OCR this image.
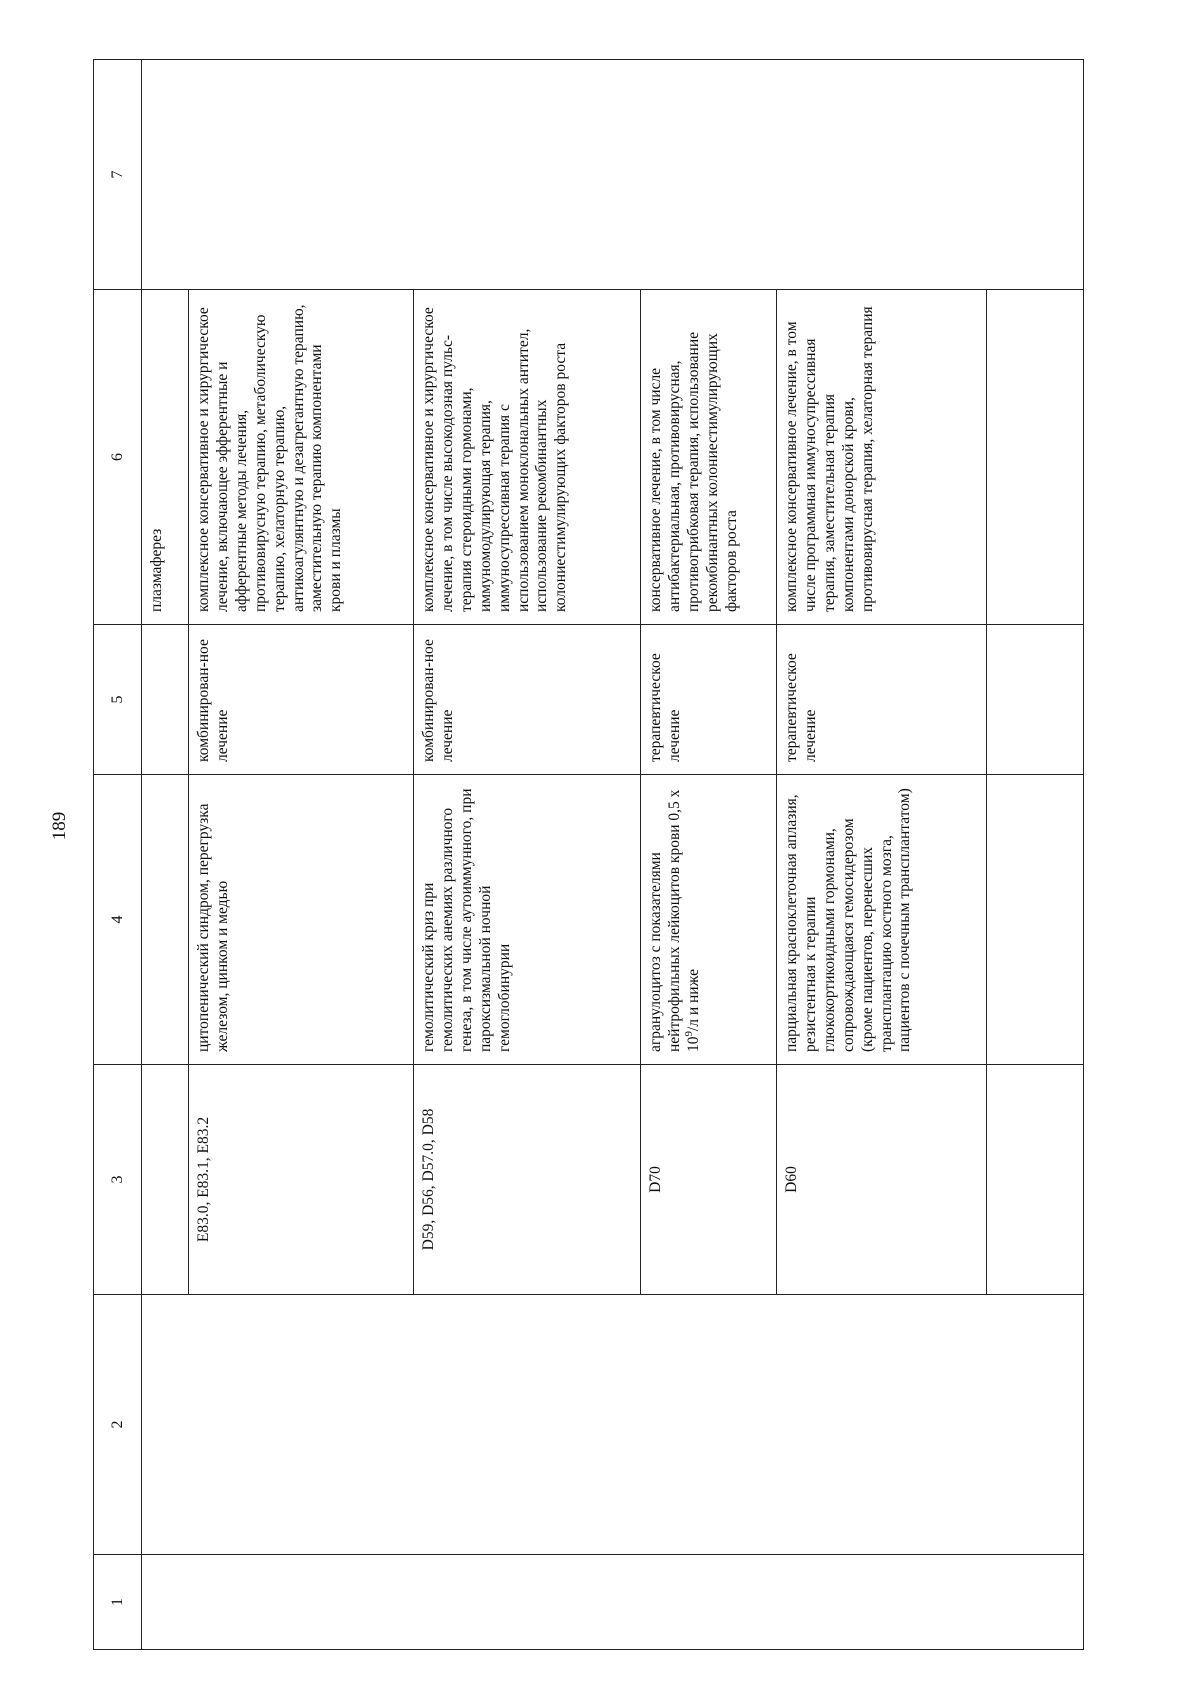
189
1	2	3	4	5	6	7
					плазмаферез	
		E83.0, E83.1, E83.2	цитопенический синдром, перегрузка железом, цинком и медью	комбинирован-ное лечение	комплексное консервативное и хирургическое лечение, включающее эфферентные и афферентные методы лечения, противовирусную терапию, метаболическую терапию, хелаторную терапию, антикоагулянтную и дезагрегантную терапию, заместительную терапию компонентами крови и плазмы	
		D59, D56, D57.0, D58	гемолитический криз при гемолитических анемиях различного генеза, в том числе аутоиммунного, при пароксизмальной ночной гемоглобинурии	комбинирован-ное лечение	комплексное консервативное и хирургическое лечение, в том числе высокодозная пульс-терапия стероидными гормонами, иммуномодулирующая терапия, иммуносупрессивная терапия с использованием моноклональных антител, использование рекомбинантных колониестимулирующих факторов роста	
		D70	агранулоцитоз с показателями нейтрофильных лейкоцитов крови 0,5 x $10^9/л$ и ниже	терапевтическое лечение	консервативное лечение, в том числе антибактериальная, противовирусная, противогрибковая терапия, использование рекомбинантных колониестимулирующих факторов роста	
		D60	парциальная красноклеточная аплазия, резистентная к терапии глюкокортикоидными гормонами, сопровождающаяся гемосидерозом (кроме пациентов, перенесших трансплантацию костного мозга, пациентов с почечным трансплантатом)	терапевтическое лечение	комплексное консервативное лечение, в том числе программная иммуносупрессивная терапия, заместительная терапия компонентами донорской крови, противовирусная терапия, хелаторная терапия	
